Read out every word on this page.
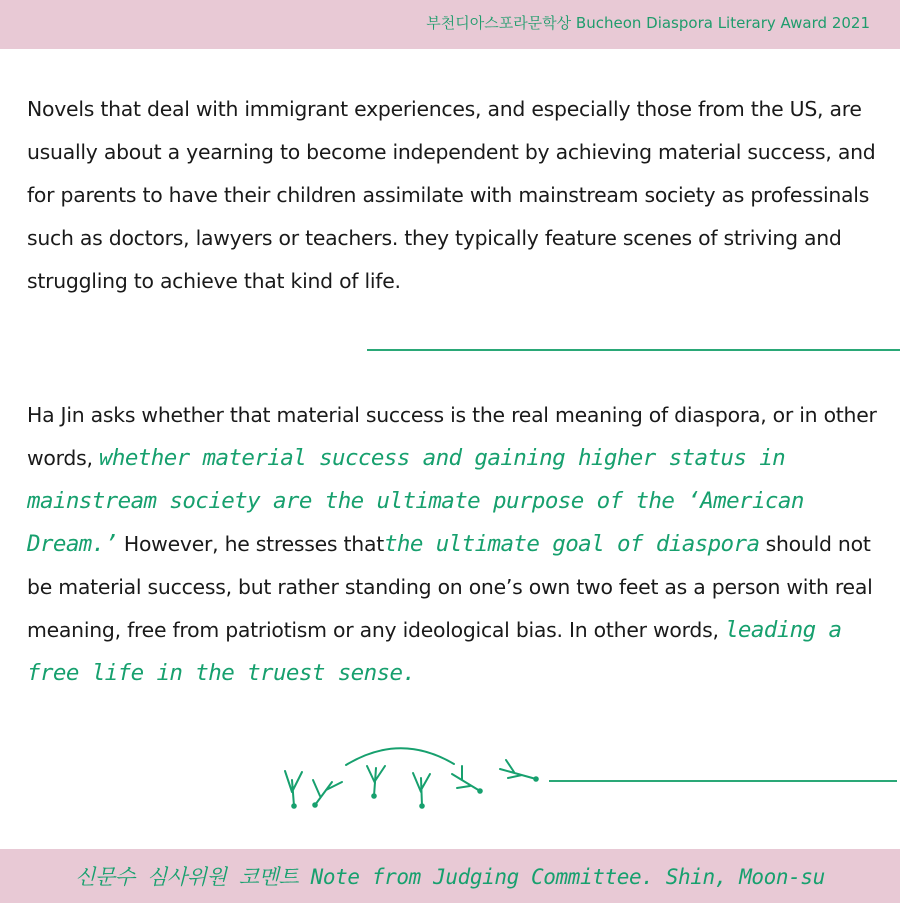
부천디아스포라문학상 Bucheon Diaspora Literary Award 2021

Novels that deal with immigrant experiences, and especially those from the US, are usually about a yearning to become independent by achieving material success, and for parents to have their children assimilate with mainstream society as professinals such as doctors, lawyers or teachers. they typically feature scenes of striving and struggling to achieve that kind of life.

Ha Jin asks whether that material success is the real meaning of diaspora, or in other words, whether material success and gaining higher status in mainstream society are the ultimate purpose of the ‘American Dream.’ However, he stresses thatthe ultimate goal of diaspora should not be material success, but rather standing on one’s own two feet as a person with real meaning, free from patriotism or any ideological bias. In other words, leading a free life in the truest sense.

신문수 심사위원 코멘트 Note from Judging Committee. Shin, Moon-su
